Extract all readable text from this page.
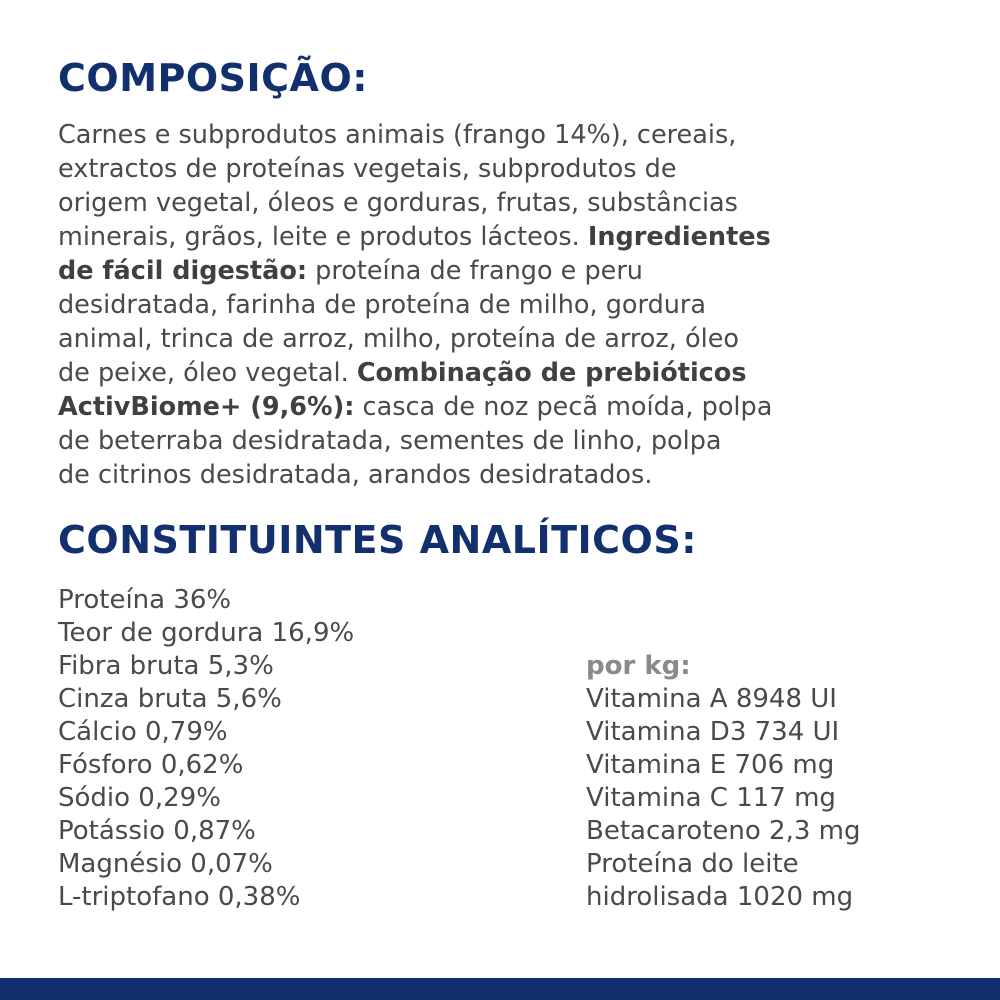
COMPOSIÇÃO:

Carnes e subprodutos animais (frango 14%), cereais,
extractos de proteínas vegetais, subprodutos de
origem vegetal, óleos e gorduras, frutas, substâncias
minerais, grãos, leite e produtos lácteos. Ingredientes
de fácil digestão: proteína de frango e peru
desidratada, farinha de proteína de milho, gordura
animal, trinca de arroz, milho, proteína de arroz, óleo
de peixe, óleo vegetal. Combinação de prebióticos
ActivBiome+ (9,6%): casca de noz pecã moída, polpa
de beterraba desidratada, sementes de linho, polpa
de citrinos desidratada, arandos desidratados.

CONSTITUINTES ANALÍTICOS:
Proteína 36%
Teor de gordura 16,9%
Fibra bruta 5,3%
Cinza bruta 5,6%
Cálcio 0,79%
Fósforo 0,62%
Sódio 0,29%
Potássio 0,87%
Magnésio 0,07%
L-triptofano 0,38%
por kg:
Vitamina A 8948 UI
Vitamina D3 734 UI
Vitamina E 706 mg
Vitamina C 117 mg
Betacaroteno 2,3 mg
Proteína do leite
hidrolisada 1020 mg
